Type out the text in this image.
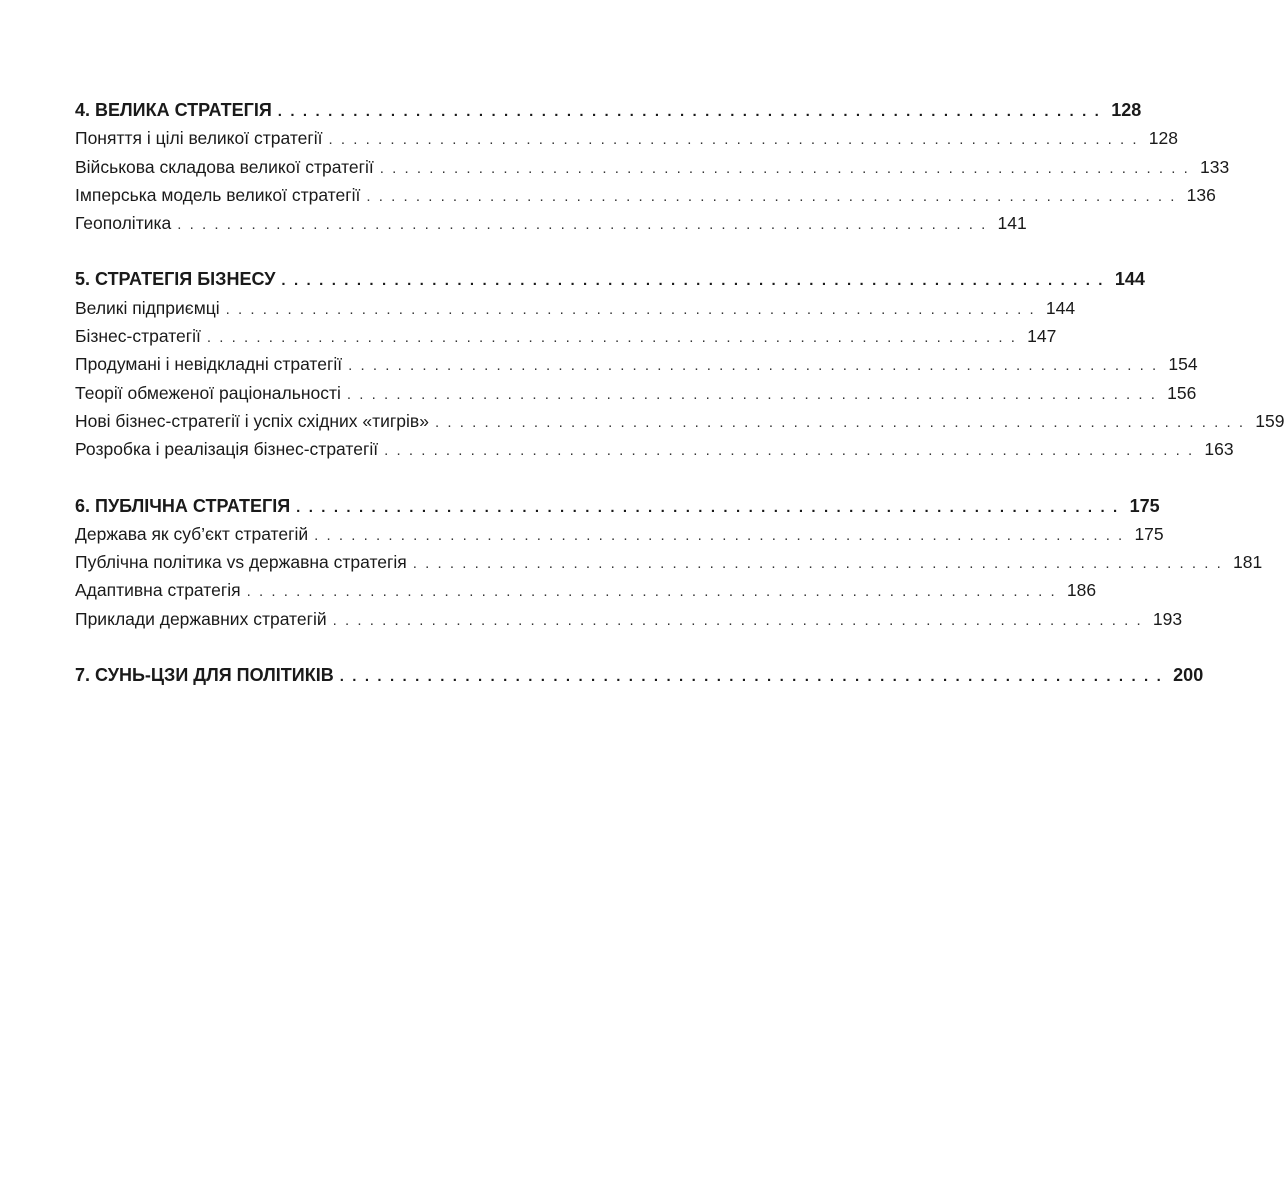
4. ВЕЛИКА СТРАТЕГІЯ .................................................................. 128
Поняття і цілі великої стратегії .................................................................. 128
Військова складова великої стратегії .................................................................. 133
Імперська модель великої стратегії .................................................................. 136
Геополітика .................................................................. 141
5. СТРАТЕГІЯ БІЗНЕСУ .................................................................. 144
Великі підприємці .................................................................. 144
Бізнес-стратегії .................................................................. 147
Продумані і невідкладні стратегії .................................................................. 154
Теорії обмеженої раціональності .................................................................. 156
Нові бізнес-стратегії і успіх східних «тигрів» .................................................................. 159
Розробка і реалізація бізнес-стратегії .................................................................. 163
6. ПУБЛІЧНА СТРАТЕГІЯ .................................................................. 175
Держава як суб’єкт стратегій .................................................................. 175
Публічна політика vs державна стратегія .................................................................. 181
Адаптивна стратегія .................................................................. 186
Приклади державних стратегій .................................................................. 193
7. СУНЬ-ЦЗИ ДЛЯ ПОЛІТИКІВ .................................................................. 200
